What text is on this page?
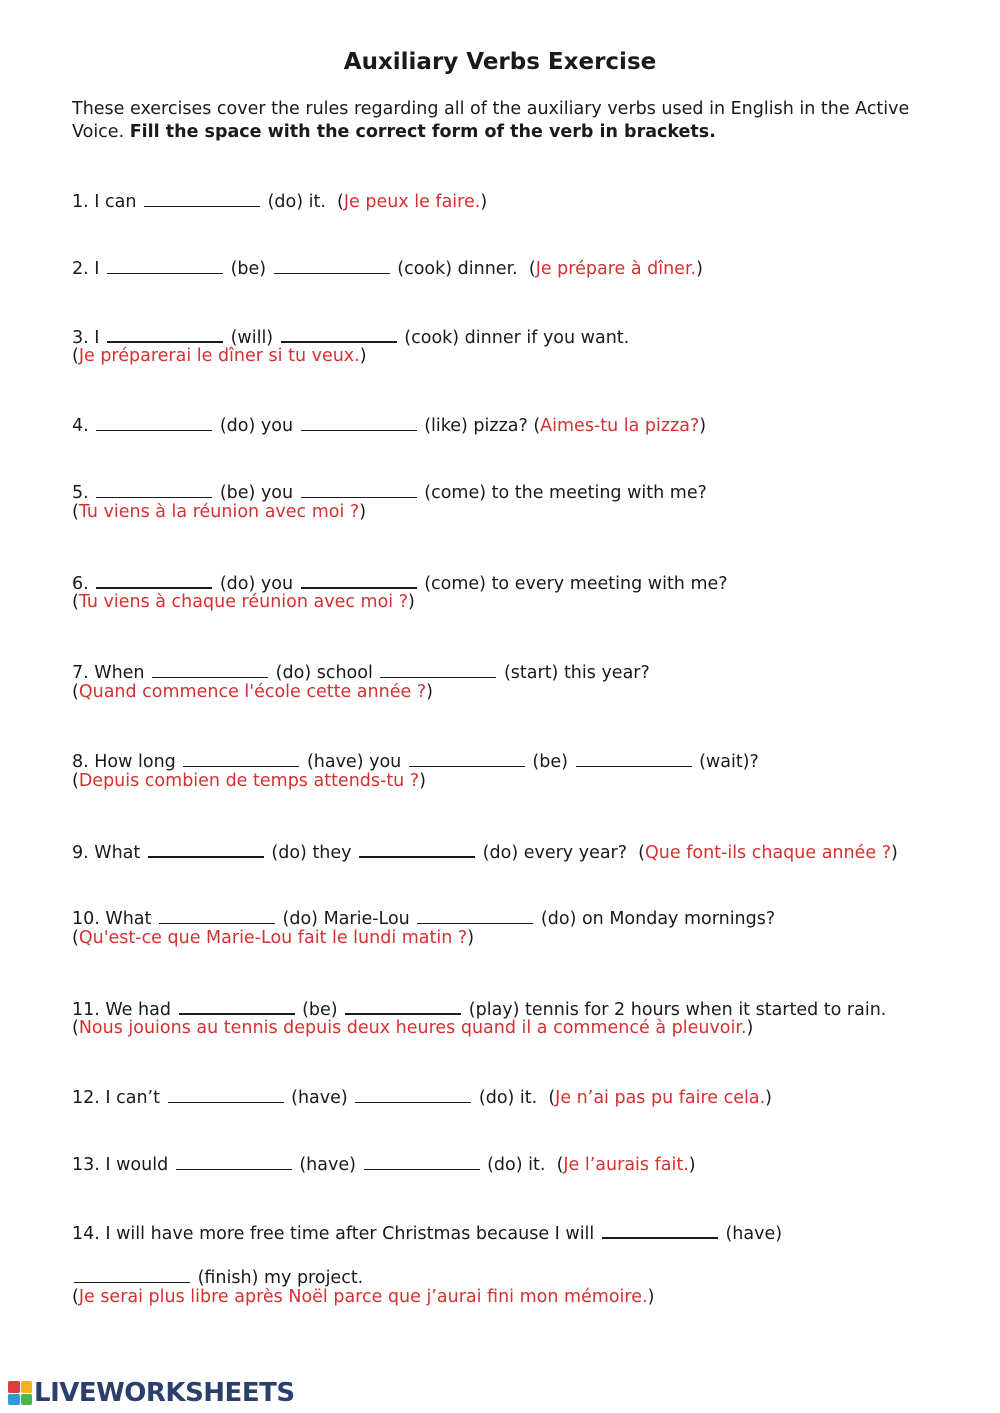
Auxiliary Verbs Exercise

These exercises cover the rules regarding all of the auxiliary verbs used in English in the Active Voice. Fill the space with the correct form of the verb in brackets.

1. I can	(do) it.  (Je peux le faire.)
2. I	(be)	(cook) dinner.  (Je prépare à dîner.)
3. I	(will)	(cook) dinner if you want.
(Je préparerai le dîner si tu veux.)
4.	(do) you	(like) pizza? (Aimes-tu la pizza?)
5.	(be) you	(come) to the meeting with me?
(Tu viens à la réunion avec moi ?)
6.	(do) you	(come) to every meeting with me?
(Tu viens à chaque réunion avec moi ?)
7. When	(do) school	(start) this year?
(Quand commence l'école cette année ?)
8. How long	(have) you	(be)	(wait)?
(Depuis combien de temps attends-tu ?)
9. What	(do) they	(do) every year?  (Que font-ils chaque année ?)
10. What	(do) Marie-Lou	(do) on Monday mornings?
(Qu'est-ce que Marie-Lou fait le lundi matin ?)
11. We had	(be)	(play) tennis for 2 hours when it started to rain.
(Nous jouions au tennis depuis deux heures quand il a commencé à pleuvoir.)
12. I can’t	(have)	(do) it.  (Je n’ai pas pu faire cela.)
13. I would	(have)	(do) it.  (Je l’aurais fait.)
14. I will have more free time after Christmas because I will	(have)
(finish) my project.
(Je serai plus libre après Noël parce que j’aurai fini mon mémoire.)
LIVEWORKSHEETS
